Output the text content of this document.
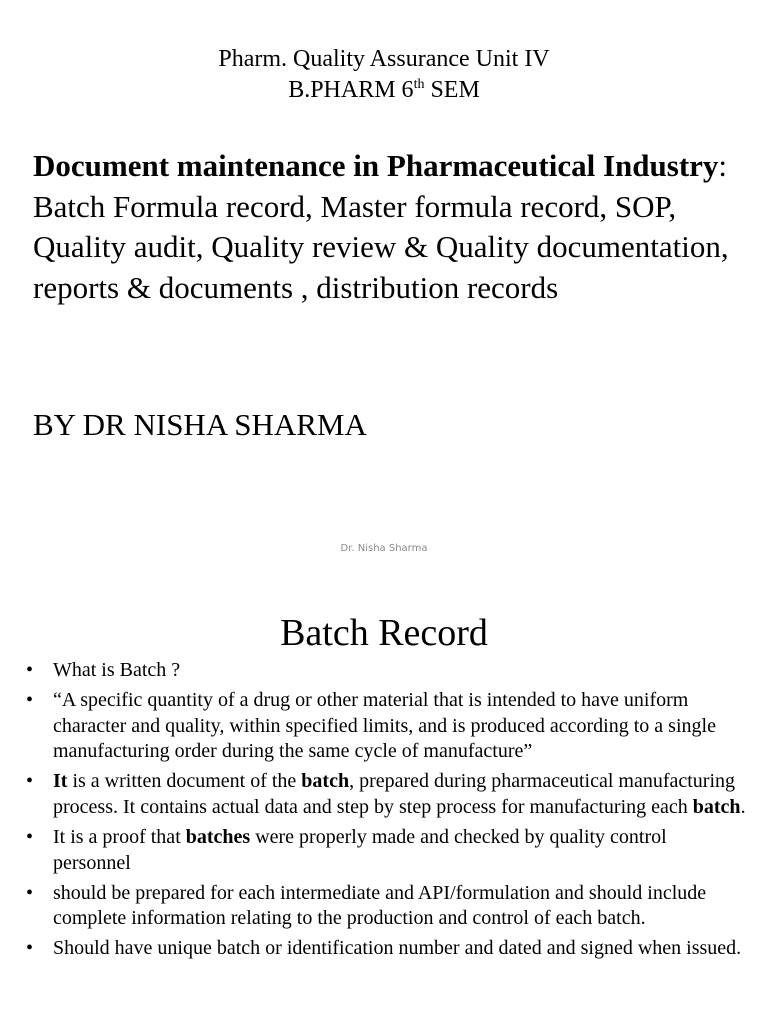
Pharm. Quality Assurance Unit IV
B.PHARM 6th SEM
Document maintenance in Pharmaceutical Industry: Batch Formula record, Master formula record, SOP, Quality audit, Quality review & Quality documentation, reports & documents , distribution records
BY DR NISHA SHARMA
Dr. Nisha Sharma
Batch Record
• What is Batch ?
• “A specific quantity of a drug or other material that is intended to have uniform character and quality, within specified limits, and is produced according to a single manufacturing order during the same cycle of manufacture”
• It is a written document of the batch, prepared during pharmaceutical manufacturing process. It contains actual data and step by step process for manufacturing each batch.
• It is a proof that batches were properly made and checked by quality control personnel
• should be prepared for each intermediate and API/formulation and should include complete information relating to the production and control of each batch.
• Should have unique batch or identification number and dated and signed when issued.
